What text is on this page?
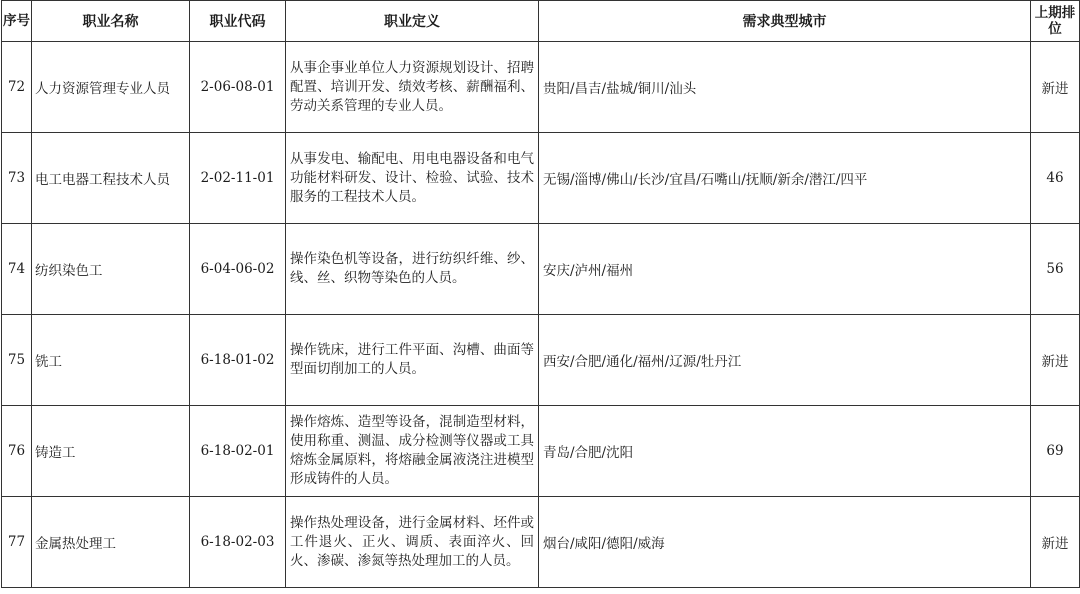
序号	职业名称	职业代码	职业定义	需求典型城市	上期排位
72	人力资源管理专业人员	2-06-08-01	从事企事业单位人力资源规划设计、招聘配置、培训开发、绩效考核、薪酬福利、劳动关系管理的专业人员。	贵阳/昌吉/盐城/铜川/汕头	新进
73	电工电器工程技术人员	2-02-11-01	从事发电、输配电、用电电器设备和电气功能材料研发、设计、检验、试验、技术服务的工程技术人员。	无锡/淄博/佛山/长沙/宜昌/石嘴山/抚顺/新余/潜江/四平	46
74	纺织染色工	6-04-06-02	操作染色机等设备，进行纺织纤维、纱、线、丝、织物等染色的人员。	安庆/泸州/福州	56
75	铣工	6-18-01-02	操作铣床，进行工件平面、沟槽、曲面等型面切削加工的人员。	西安/合肥/通化/福州/辽源/牡丹江	新进
76	铸造工	6-18-02-01	操作熔炼、造型等设备，混制造型材料，使用称重、测温、成分检测等仪器或工具熔炼金属原料，将熔融金属液浇注进模型形成铸件的人员。	青岛/合肥/沈阳	69
77	金属热处理工	6-18-02-03	操作热处理设备，进行金属材料、坯件或工件退火、正火、调质、表面淬火、回火、渗碳、渗氮等热处理加工的人员。	烟台/咸阳/德阳/威海	新进
